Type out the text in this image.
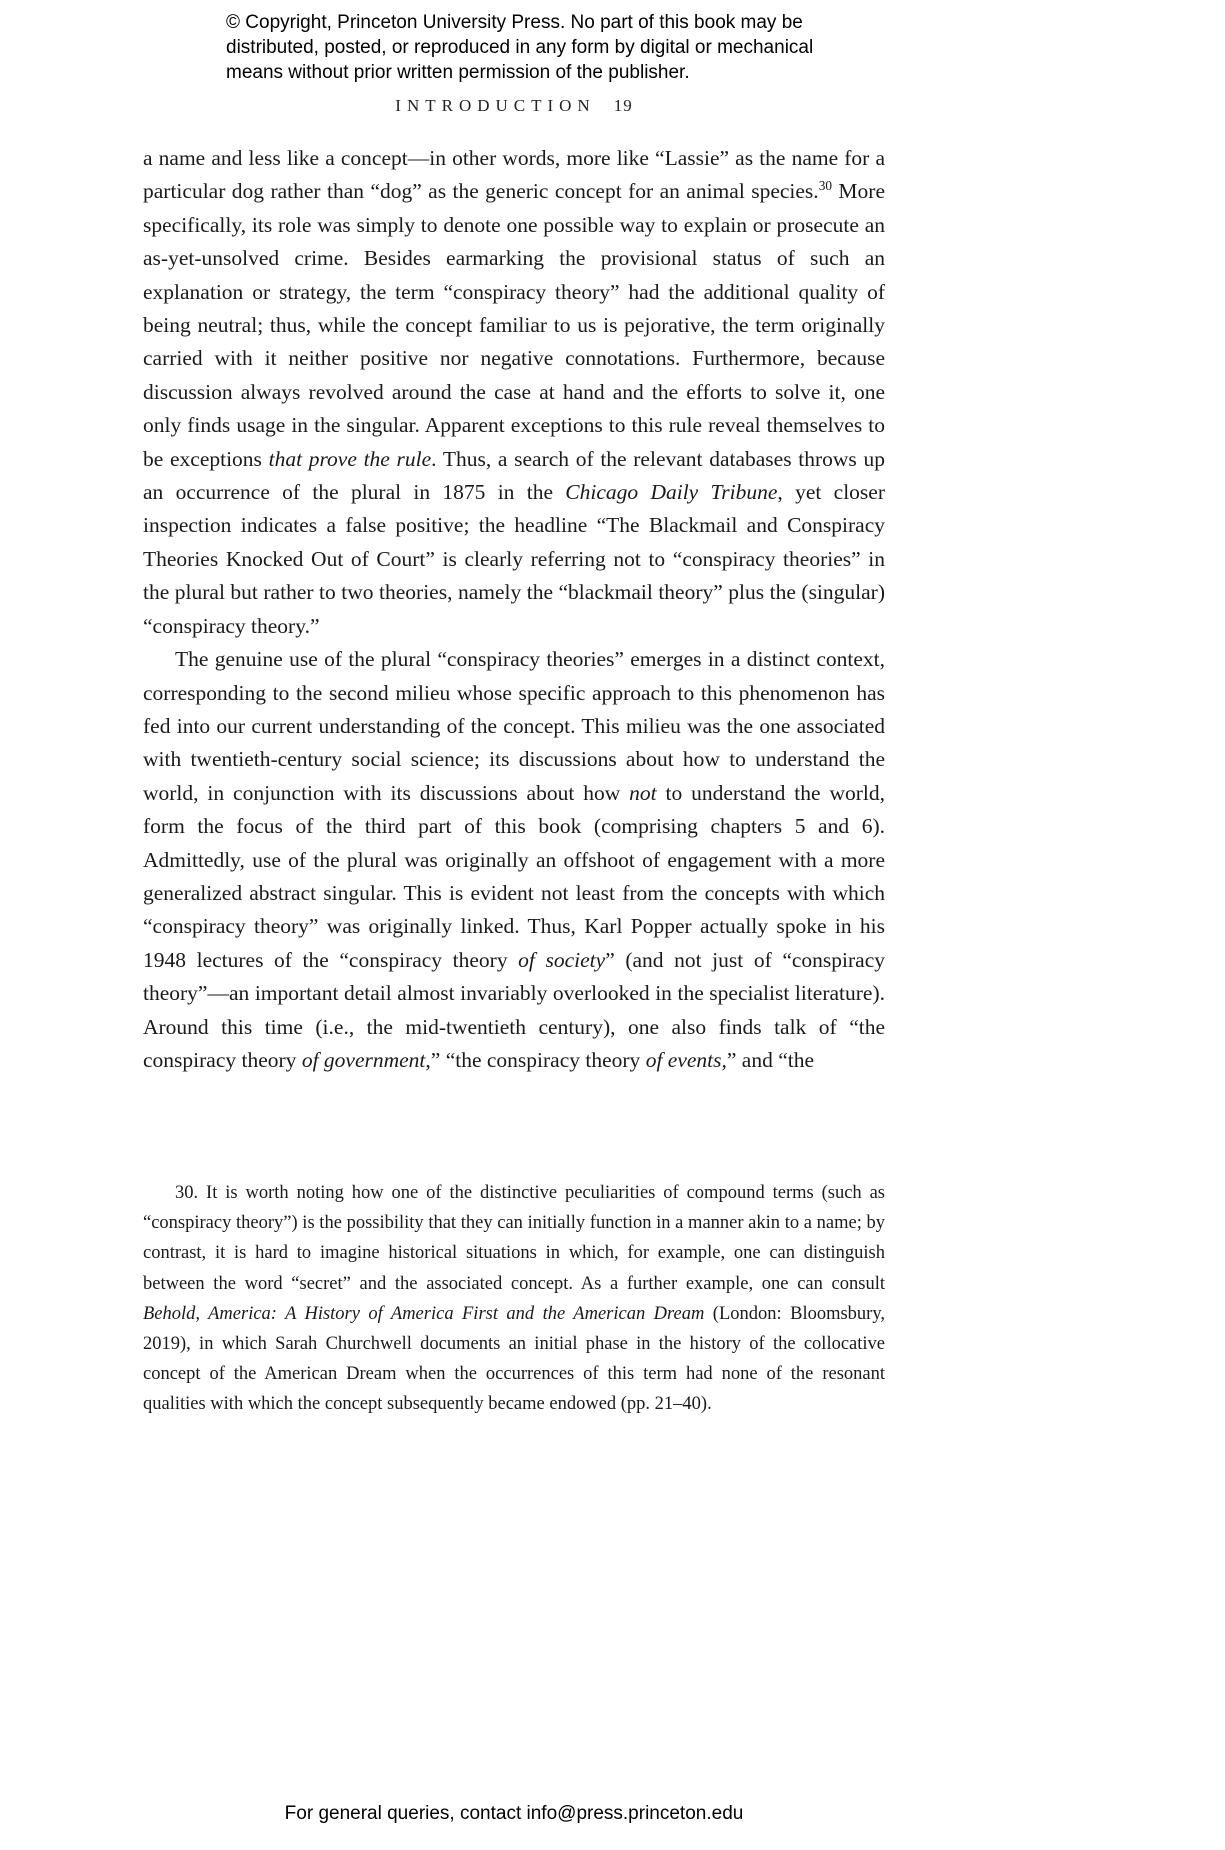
© Copyright, Princeton University Press. No part of this book may be
distributed, posted, or reproduced in any form by digital or mechanical
means without prior written permission of the publisher.
INTRODUCTION 19

a name and less like a concept—in other words, more like “Lassie” as the name for a particular dog rather than “dog” as the generic concept for an animal species.$^{30}$ More specifically, its role was simply to denote one possible way to explain or prosecute an as-yet-unsolved crime. Besides earmarking the provisional status of such an explanation or strategy, the term “conspiracy theory” had the additional quality of being neutral; thus, while the concept familiar to us is pejorative, the term originally carried with it neither positive nor negative connotations. Furthermore, because discussion always revolved around the case at hand and the efforts to solve it, one only finds usage in the singular. Apparent exceptions to this rule reveal themselves to be exceptions that prove the rule. Thus, a search of the relevant databases throws up an occurrence of the plural in 1875 in the Chicago Daily Tribune, yet closer inspection indicates a false positive; the headline “The Blackmail and Conspiracy Theories Knocked Out of Court” is clearly referring not to “conspiracy theories” in the plural but rather to two theories, namely the “blackmail theory” plus the (singular) “conspiracy theory.”

The genuine use of the plural “conspiracy theories” emerges in a distinct context, corresponding to the second milieu whose specific approach to this phenomenon has fed into our current understanding of the concept. This milieu was the one associated with twentieth-century social science; its discussions about how to understand the world, in conjunction with its discussions about how not to understand the world, form the focus of the third part of this book (comprising chapters 5 and 6). Admittedly, use of the plural was originally an offshoot of engagement with a more generalized abstract singular. This is evident not least from the concepts with which “conspiracy theory” was originally linked. Thus, Karl Popper actually spoke in his 1948 lectures of the “conspiracy theory of society” (and not just of “conspiracy theory”—an important detail almost invariably overlooked in the specialist literature). Around this time (i.e., the mid-twentieth century), one also finds talk of “the conspiracy theory of government,” “the conspiracy theory of events,” and “the

30. It is worth noting how one of the distinctive peculiarities of compound terms (such as “conspiracy theory”) is the possibility that they can initially function in a manner akin to a name; by contrast, it is hard to imagine historical situations in which, for example, one can distinguish between the word “secret” and the associated concept. As a further example, one can consult Behold, America: A History of America First and the American Dream (London: Bloomsbury, 2019), in which Sarah Churchwell documents an initial phase in the history of the collocative concept of the American Dream when the occurrences of this term had none of the resonant qualities with which the concept subsequently became endowed (pp. 21–40).
For general queries, contact info@press.princeton.edu
